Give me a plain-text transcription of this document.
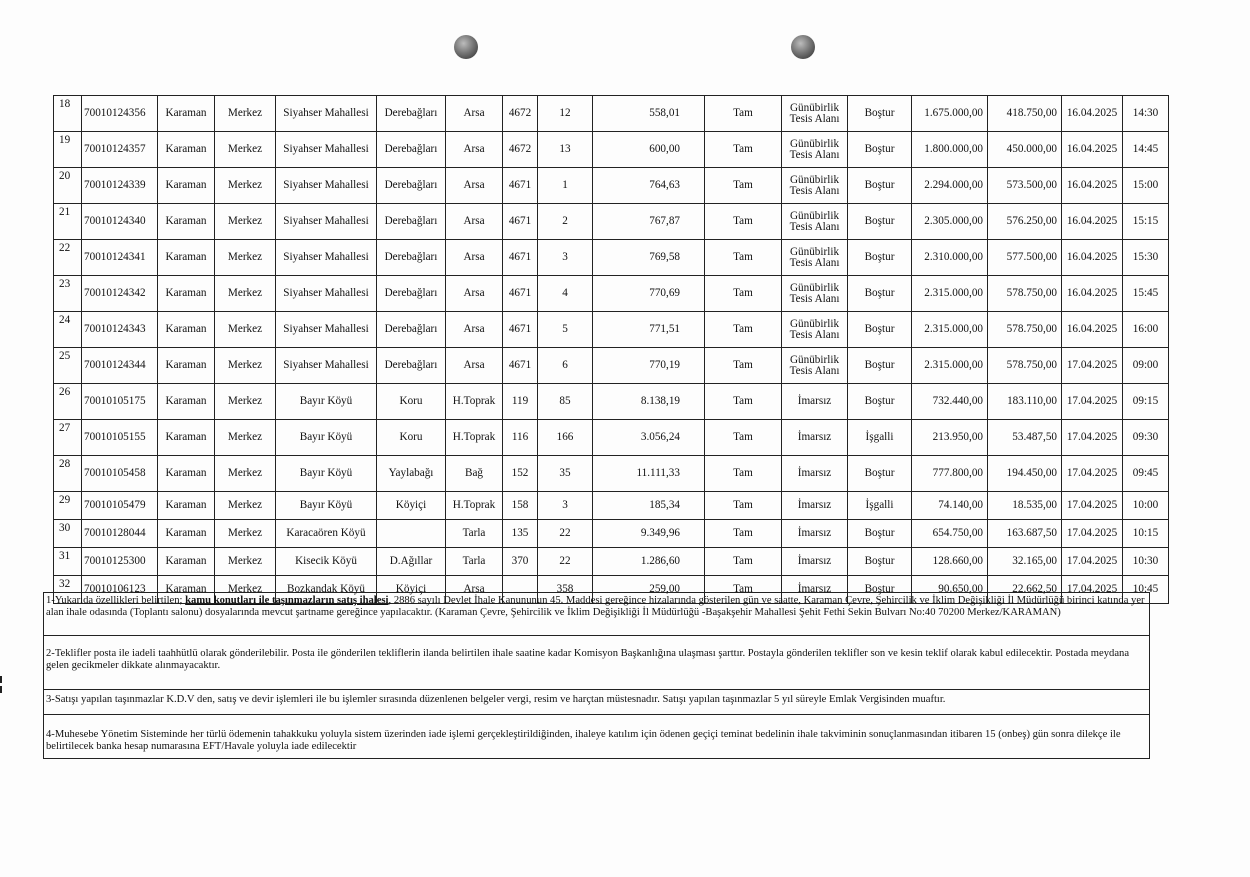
18	70010124356	Karaman	Merkez	Siyahser Mahallesi	Derebağları	Arsa	4672	12	558,01	Tam	Günübirlik
Tesis Alanı	Boştur	1.675.000,00	418.750,00	16.04.2025	14:30
19	70010124357	Karaman	Merkez	Siyahser Mahallesi	Derebağları	Arsa	4672	13	600,00	Tam	Günübirlik
Tesis Alanı	Boştur	1.800.000,00	450.000,00	16.04.2025	14:45
20	70010124339	Karaman	Merkez	Siyahser Mahallesi	Derebağları	Arsa	4671	1	764,63	Tam	Günübirlik
Tesis Alanı	Boştur	2.294.000,00	573.500,00	16.04.2025	15:00
21	70010124340	Karaman	Merkez	Siyahser Mahallesi	Derebağları	Arsa	4671	2	767,87	Tam	Günübirlik
Tesis Alanı	Boştur	2.305.000,00	576.250,00	16.04.2025	15:15
22	70010124341	Karaman	Merkez	Siyahser Mahallesi	Derebağları	Arsa	4671	3	769,58	Tam	Günübirlik
Tesis Alanı	Boştur	2.310.000,00	577.500,00	16.04.2025	15:30
23	70010124342	Karaman	Merkez	Siyahser Mahallesi	Derebağları	Arsa	4671	4	770,69	Tam	Günübirlik
Tesis Alanı	Boştur	2.315.000,00	578.750,00	16.04.2025	15:45
24	70010124343	Karaman	Merkez	Siyahser Mahallesi	Derebağları	Arsa	4671	5	771,51	Tam	Günübirlik
Tesis Alanı	Boştur	2.315.000,00	578.750,00	16.04.2025	16:00
25	70010124344	Karaman	Merkez	Siyahser Mahallesi	Derebağları	Arsa	4671	6	770,19	Tam	Günübirlik
Tesis Alanı	Boştur	2.315.000,00	578.750,00	17.04.2025	09:00
26	70010105175	Karaman	Merkez	Bayır Köyü	Koru	H.Toprak	119	85	8.138,19	Tam	İmarsız	Boştur	732.440,00	183.110,00	17.04.2025	09:15
27	70010105155	Karaman	Merkez	Bayır Köyü	Koru	H.Toprak	116	166	3.056,24	Tam	İmarsız	İşgalli	213.950,00	53.487,50	17.04.2025	09:30
28	70010105458	Karaman	Merkez	Bayır Köyü	Yaylabağı	Bağ	152	35	11.111,33	Tam	İmarsız	Boştur	777.800,00	194.450,00	17.04.2025	09:45
29	70010105479	Karaman	Merkez	Bayır Köyü	Köyiçi	H.Toprak	158	3	185,34	Tam	İmarsız	İşgalli	74.140,00	18.535,00	17.04.2025	10:00
30	70010128044	Karaman	Merkez	Karacaören Köyü		Tarla	135	22	9.349,96	Tam	İmarsız	Boştur	654.750,00	163.687,50	17.04.2025	10:15
31	70010125300	Karaman	Merkez	Kisecik Köyü	D.Ağıllar	Tarla	370	22	1.286,60	Tam	İmarsız	Boştur	128.660,00	32.165,00	17.04.2025	10:30
32	70010106123	Karaman	Merkez	Bozkandak Köyü	Köyiçi	Arsa		358	259,00	Tam	İmarsız	Boştur	90.650,00	22.662,50	17.04.2025	10:45
1-Yukarıda özellikleri belirtilen; kamu konutları ile taşınmazların satış ihalesi, 2886 sayılı Devlet İhale Kanununun 45. Maddesi gereğince hizalarında gösterilen gün ve saatte, Karaman Çevre, Şehircilik ve İklim Değişikliği İl Müdürlüğü birinci katında yer alan ihale odasında (Toplantı salonu) dosyalarında mevcut şartname gereğince yapılacaktır. (Karaman Çevre, Şehircilik ve İklim Değişikliği İl Müdürlüğü -Başakşehir Mahallesi Şehit Fethi Sekin Bulvarı No:40 70200 Merkez/KARAMAN)
2-Teklifler posta ile iadeli taahhütlü olarak gönderilebilir. Posta ile gönderilen tekliflerin ilanda belirtilen ihale saatine kadar Komisyon Başkanlığına ulaşması şarttır. Postayla gönderilen teklifler son ve kesin teklif olarak kabul edilecektir. Postada meydana gelen gecikmeler dikkate alınmayacaktır.
3-Satışı yapılan taşınmazlar K.D.V den, satış ve devir işlemleri ile bu işlemler sırasında düzenlenen belgeler vergi, resim ve harçtan müstesnadır. Satışı yapılan taşınmazlar 5 yıl süreyle Emlak Vergisinden muaftır.
4-Muhesebe Yönetim Sisteminde her türlü ödemenin tahakkuku yoluyla sistem üzerinden iade işlemi gerçekleştirildiğinden, ihaleye katılım için ödenen geçiçi teminat bedelinin ihale takviminin sonuçlanmasından itibaren 15 (onbeş) gün sonra dilekçe ile belirtilecek banka hesap numarasına EFT/Havale yoluyla iade edilecektir
